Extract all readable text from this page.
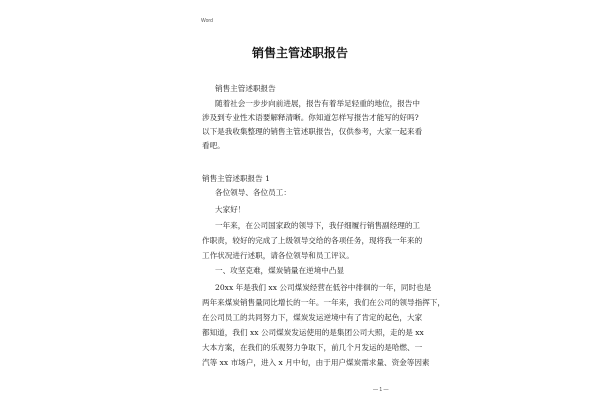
Word
销售主管述职报告
销售主管述职报告
随着社会一步步向前进展，报告有着举足轻重的地位，报告中
涉及到专业性术语要解释清晰。你知道怎样写报告才能写的好吗?
以下是我收集整理的销售主管述职报告，仅供参考，大家一起来看
看吧。
销售主管述职报告 1
各位领导、各位员工：
大家好！
一年来，在公司国家政的领导下，我仔细履行销售副经理的工
作职责，较好的完成了上级领导交给的各项任务，现将我一年来的
工作状况进行述职，请各位领导和员工评议。
一、攻坚克难，煤炭销量在逆境中凸显
20xx 年是我们 xx 公司煤炭经营在低谷中徘徊的一年，同时也是
两年来煤炭销售量同比增长的一年。一年来，我们在公司的领导指挥下，
在公司员工的共同努力下，煤炭发运逆境中有了肯定的起色，大家
都知道，我们 xx 公司煤炭发运使用的是集团公司大照，走的是 xx
大本方案，在我们的乐观努力争取下，前几个月发运的是哈燃、一
汽等 xx 市场户，进入 x 月中旬，由于用户煤炭需求量、资金等因素
— 1 —
